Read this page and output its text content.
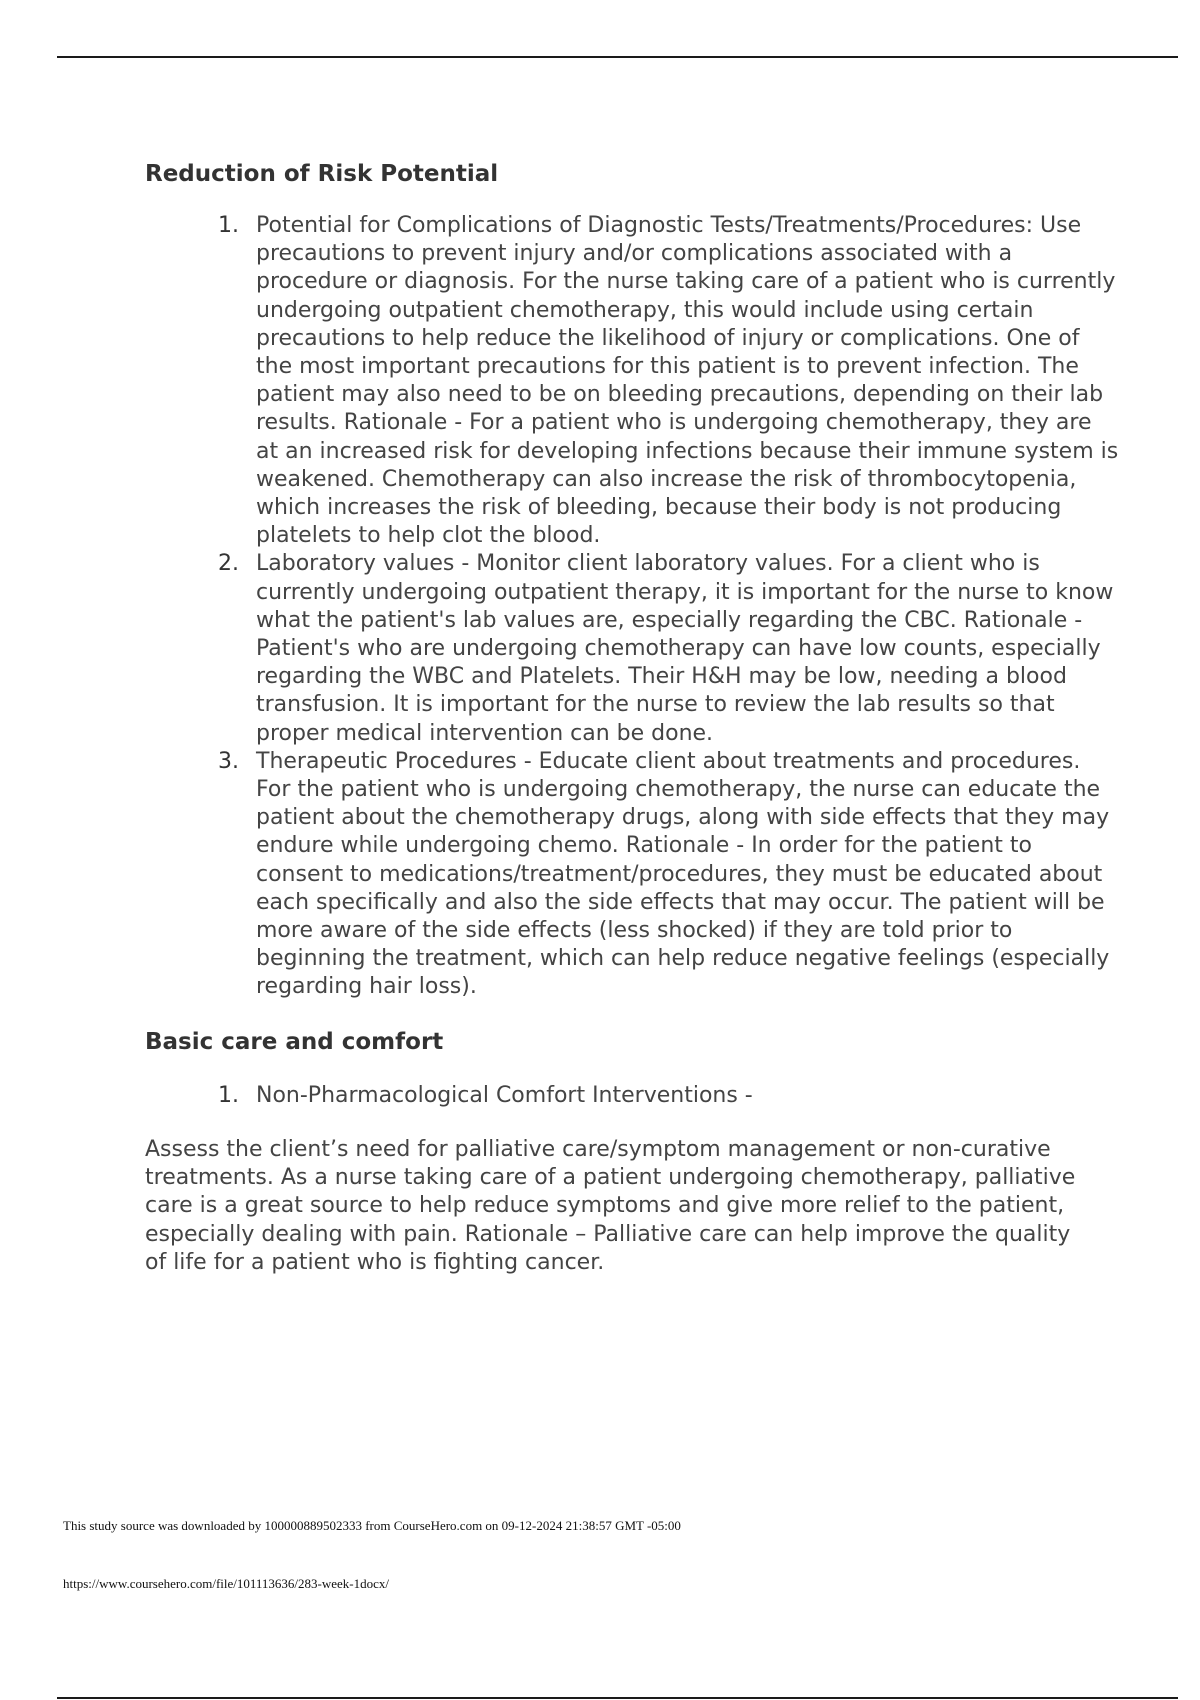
Reduction of Risk Potential
1. Potential for Complications of Diagnostic Tests/Treatments/Procedures: Use precautions to prevent injury and/or complications associated with a procedure or diagnosis. For the nurse taking care of a patient who is currently undergoing outpatient chemotherapy, this would include using certain precautions to help reduce the likelihood of injury or complications. One of the most important precautions for this patient is to prevent infection. The patient may also need to be on bleeding precautions, depending on their lab results. Rationale - For a patient who is undergoing chemotherapy, they are at an increased risk for developing infections because their immune system is weakened. Chemotherapy can also increase the risk of thrombocytopenia, which increases the risk of bleeding, because their body is not producing platelets to help clot the blood.
2. Laboratory values - Monitor client laboratory values. For a client who is currently undergoing outpatient therapy, it is important for the nurse to know what the patient's lab values are, especially regarding the CBC. Rationale - Patient's who are undergoing chemotherapy can have low counts, especially regarding the WBC and Platelets. Their H&H may be low, needing a blood transfusion. It is important for the nurse to review the lab results so that proper medical intervention can be done.
3. Therapeutic Procedures - Educate client about treatments and procedures. For the patient who is undergoing chemotherapy, the nurse can educate the patient about the chemotherapy drugs, along with side effects that they may endure while undergoing chemo. Rationale - In order for the patient to consent to medications/treatment/procedures, they must be educated about each specifically and also the side effects that may occur. The patient will be more aware of the side effects (less shocked) if they are told prior to beginning the treatment, which can help reduce negative feelings (especially regarding hair loss).
Basic care and comfort
1. Non-Pharmacological Comfort Interventions -

Assess the client’s need for palliative care/symptom management or non-curative treatments. As a nurse taking care of a patient undergoing chemotherapy, palliative care is a great source to help reduce symptoms and give more relief to the patient, especially dealing with pain. Rationale – Palliative care can help improve the quality of life for a patient who is fighting cancer.

This study source was downloaded by 100000889502333 from CourseHero.com on 09-12-2024 21:38:57 GMT -05:00
https://www.coursehero.com/file/101113636/283-week-1docx/
